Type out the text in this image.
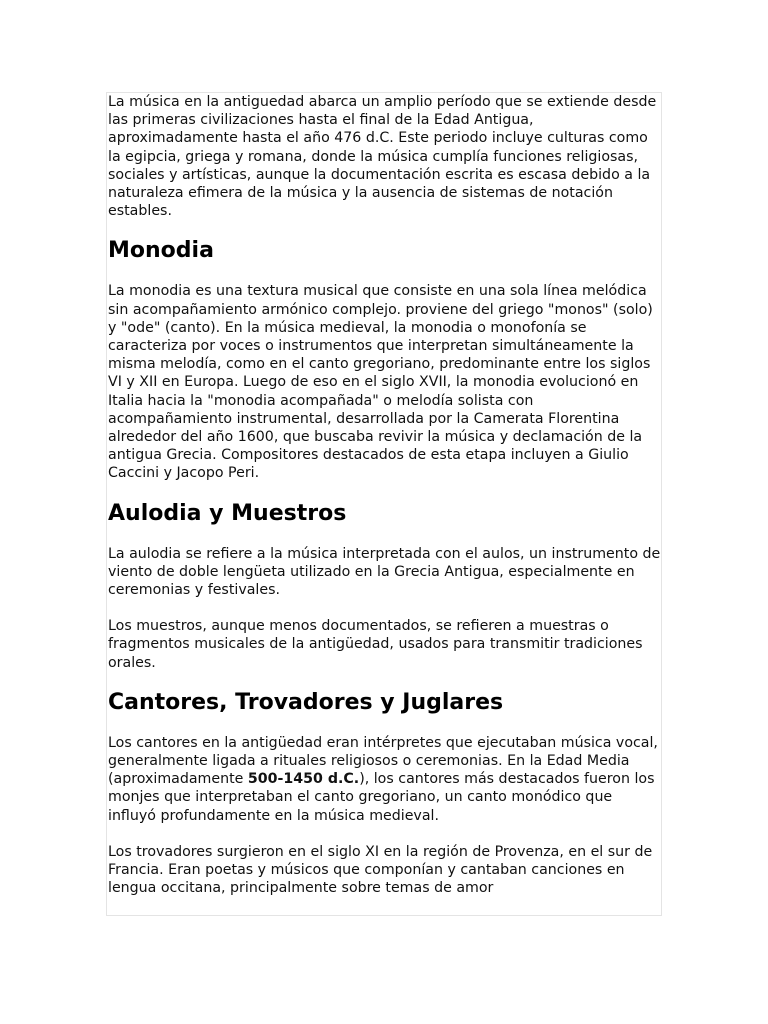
La música en la antiguedad abarca un amplio período que se extiende desde las primeras civilizaciones hasta el final de la Edad Antigua, aproximadamente hasta el año 476 d.C. Este periodo incluye culturas como la egipcia, griega y romana, donde la música cumplía funciones religiosas, sociales y artísticas, aunque la documentación escrita es escasa debido a la naturaleza efimera de la música y la ausencia de sistemas de notación estables.

Monodia

La monodia es una textura musical que consiste en una sola línea melódica sin acompañamiento armónico complejo. proviene del griego "monos" (solo) y "ode" (canto). En la música medieval, la monodia o monofonía se caracteriza por voces o instrumentos que interpretan simultáneamente la misma melodía, como en el canto gregoriano, predominante entre los siglos VI y XII en Europa. Luego de eso en el siglo XVII, la monodia evolucionó en Italia hacia la "monodia acompañada" o melodía solista con acompañamiento instrumental, desarrollada por la Camerata Florentina alrededor del año 1600, que buscaba revivir la música y declamación de la antigua Grecia. Compositores destacados de esta etapa incluyen a Giulio Caccini y Jacopo Peri.

Aulodia y Muestros

La aulodia se refiere a la música interpretada con el aulos, un instrumento de viento de doble lengüeta utilizado en la Grecia Antigua, especialmente en ceremonias y festivales.

Los muestros, aunque menos documentados, se refieren a muestras o fragmentos musicales de la antigüedad, usados para transmitir tradiciones orales.

Cantores, Trovadores y Juglares

Los cantores en la antigüedad eran intérpretes que ejecutaban música vocal, generalmente ligada a rituales religiosos o ceremonias. En la Edad Media (aproximadamente 500-1450 d.C.), los cantores más destacados fueron los monjes que interpretaban el canto gregoriano, un canto monódico que influyó profundamente en la música medieval.

Los trovadores surgieron en el siglo XI en la región de Provenza, en el sur de Francia. Eran poetas y músicos que componían y cantaban canciones en lengua occitana, principalmente sobre temas de amor
